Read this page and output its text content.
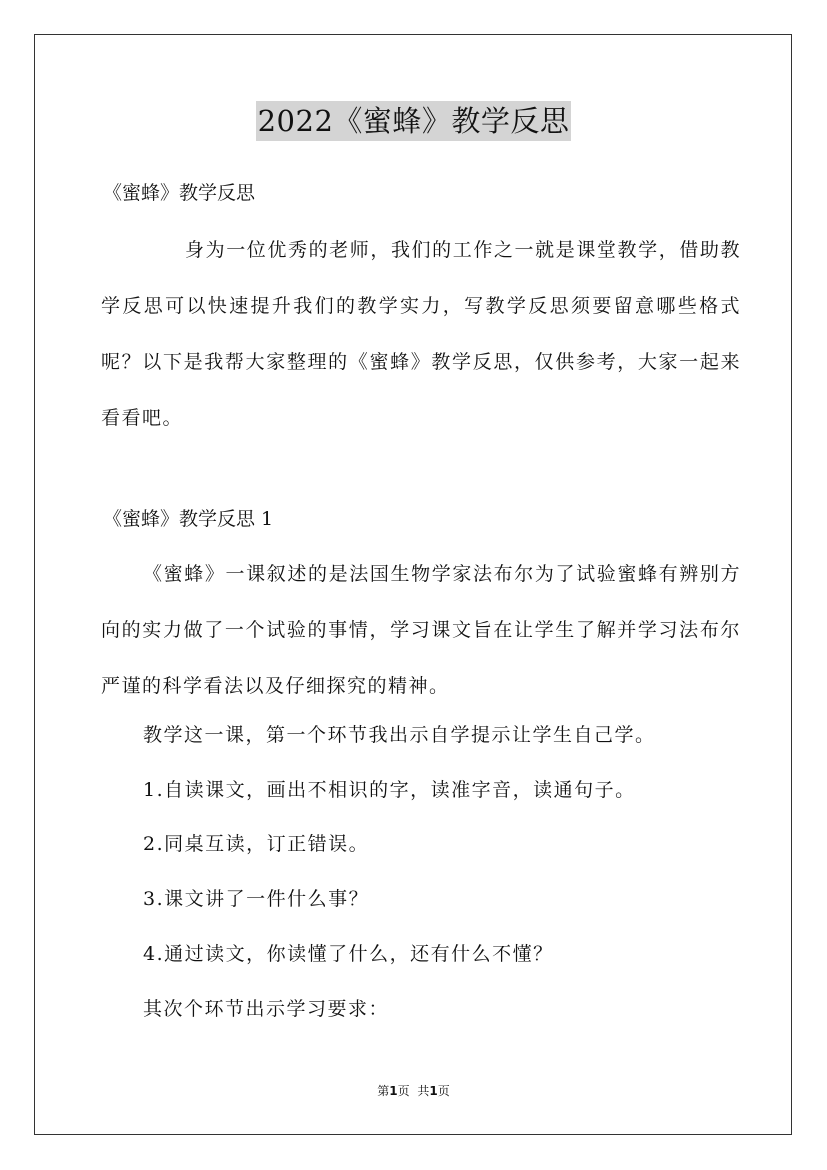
2022《蜜蜂》教学反思
《蜜蜂》教学反思
身为一位优秀的老师，我们的工作之一就是课堂教学，借助教学反思可以快速提升我们的教学实力，写教学反思须要留意哪些格式呢？以下是我帮大家整理的《蜜蜂》教学反思，仅供参考，大家一起来看看吧。
《蜜蜂》教学反思 1
《蜜蜂》一课叙述的是法国生物学家法布尔为了试验蜜蜂有辨别方向的实力做了一个试验的事情，学习课文旨在让学生了解并学习法布尔严谨的科学看法以及仔细探究的精神。
教学这一课，第一个环节我出示自学提示让学生自己学。
1.自读课文，画出不相识的字，读准字音，读通句子。
2.同桌互读，订正错误。
3.课文讲了一件什么事？
4.通过读文，你读懂了什么，还有什么不懂？
其次个环节出示学习要求：
第1页 共1页
